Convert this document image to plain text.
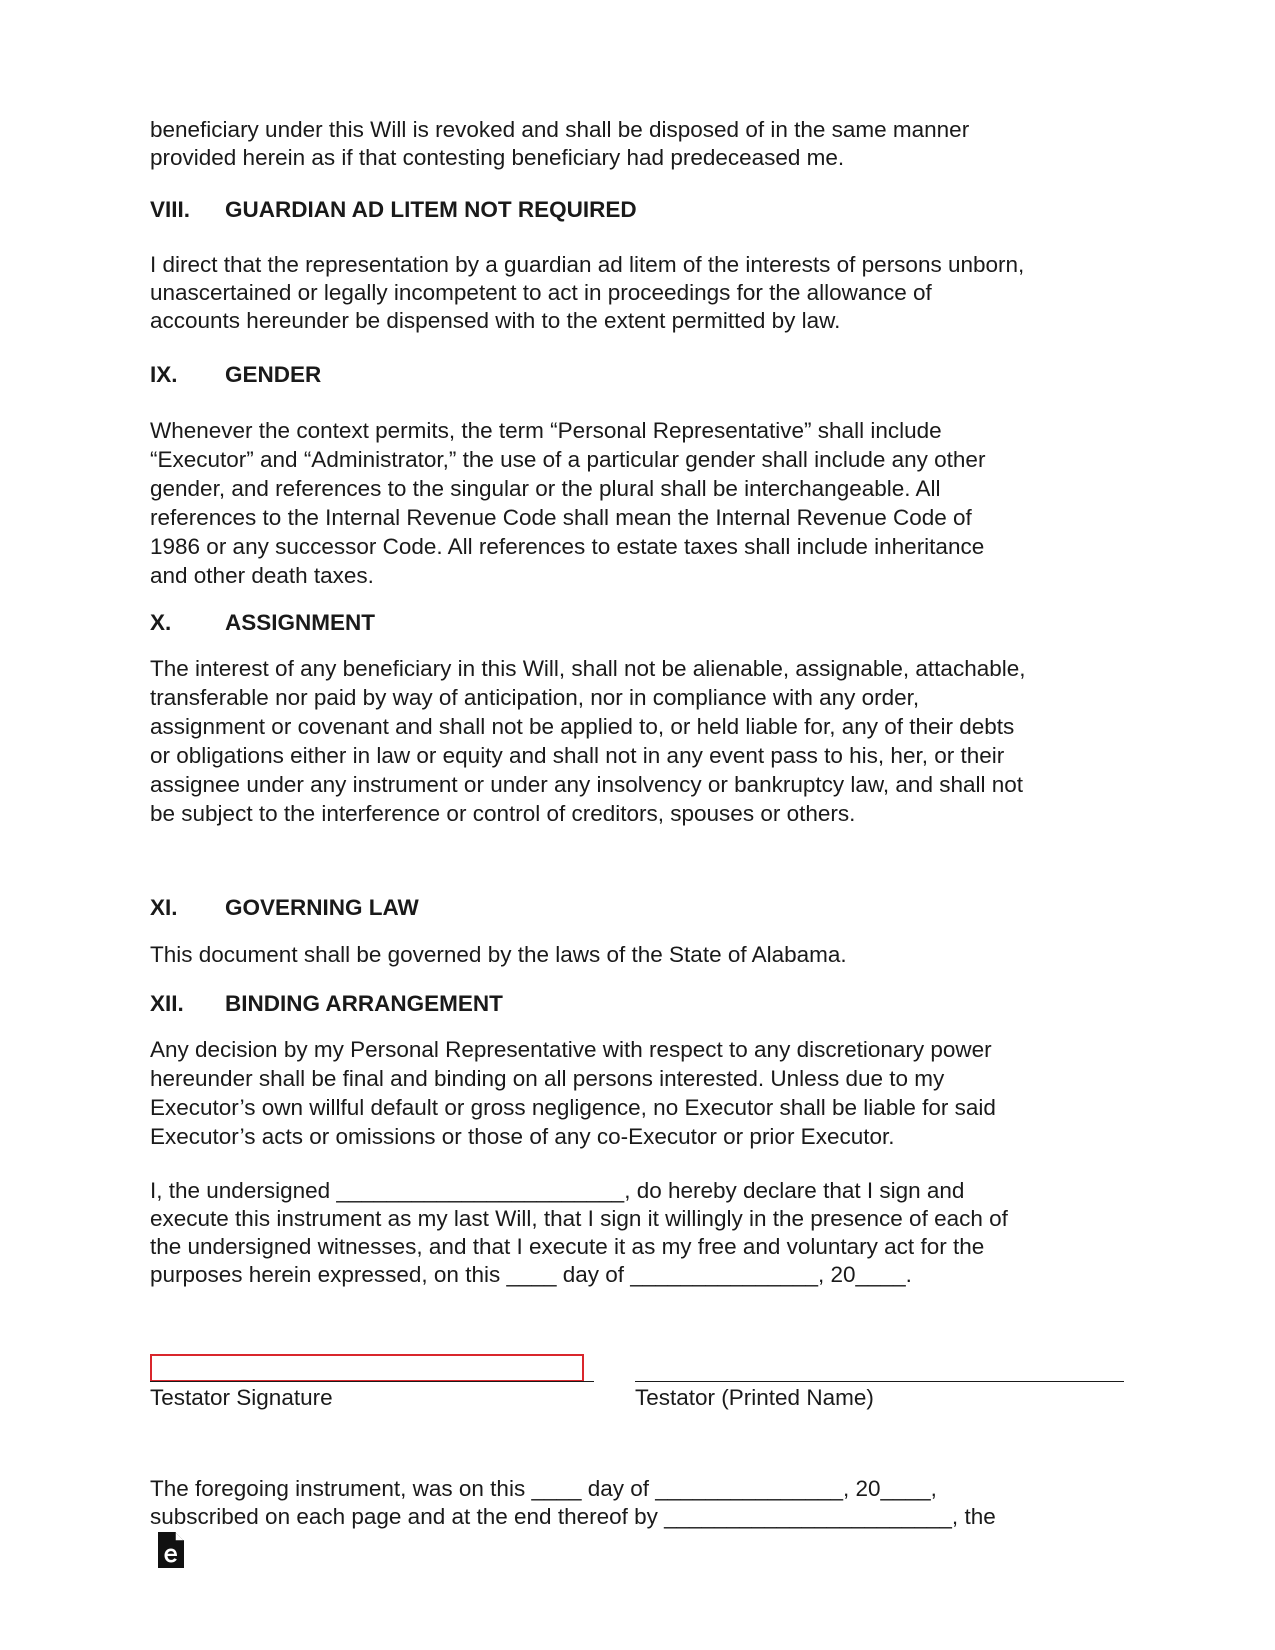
beneficiary under this Will is revoked and shall be disposed of in the same manner
provided herein as if that contesting beneficiary had predeceased me.
VIII. GUARDIAN AD LITEM NOT REQUIRED
I direct that the representation by a guardian ad litem of the interests of persons unborn,
unascertained or legally incompetent to act in proceedings for the allowance of
accounts hereunder be dispensed with to the extent permitted by law.
IX. GENDER
Whenever the context permits, the term “Personal Representative” shall include
“Executor” and “Administrator,” the use of a particular gender shall include any other
gender, and references to the singular or the plural shall be interchangeable. All
references to the Internal Revenue Code shall mean the Internal Revenue Code of
1986 or any successor Code. All references to estate taxes shall include inheritance
and other death taxes.
X. ASSIGNMENT
The interest of any beneficiary in this Will, shall not be alienable, assignable, attachable,
transferable nor paid by way of anticipation, nor in compliance with any order,
assignment or covenant and shall not be applied to, or held liable for, any of their debts
or obligations either in law or equity and shall not in any event pass to his, her, or their
assignee under any instrument or under any insolvency or bankruptcy law, and shall not
be subject to the interference or control of creditors, spouses or others.
XI. GOVERNING LAW
This document shall be governed by the laws of the State of Alabama.
XII. BINDING ARRANGEMENT
Any decision by my Personal Representative with respect to any discretionary power
hereunder shall be final and binding on all persons interested. Unless due to my
Executor’s own willful default or gross negligence, no Executor shall be liable for said
Executor’s acts or omissions or those of any co-Executor or prior Executor.
I, the undersigned _______________________, do hereby declare that I sign and
execute this instrument as my last Will, that I sign it willingly in the presence of each of
the undersigned witnesses, and that I execute it as my free and voluntary act for the
purposes herein expressed, on this ____ day of _______________, 20____.
Testator Signature	Testator (Printed Name)
The foregoing instrument, was on this ____ day of _______________, 20____,
subscribed on each page and at the end thereof by _______________________, the
